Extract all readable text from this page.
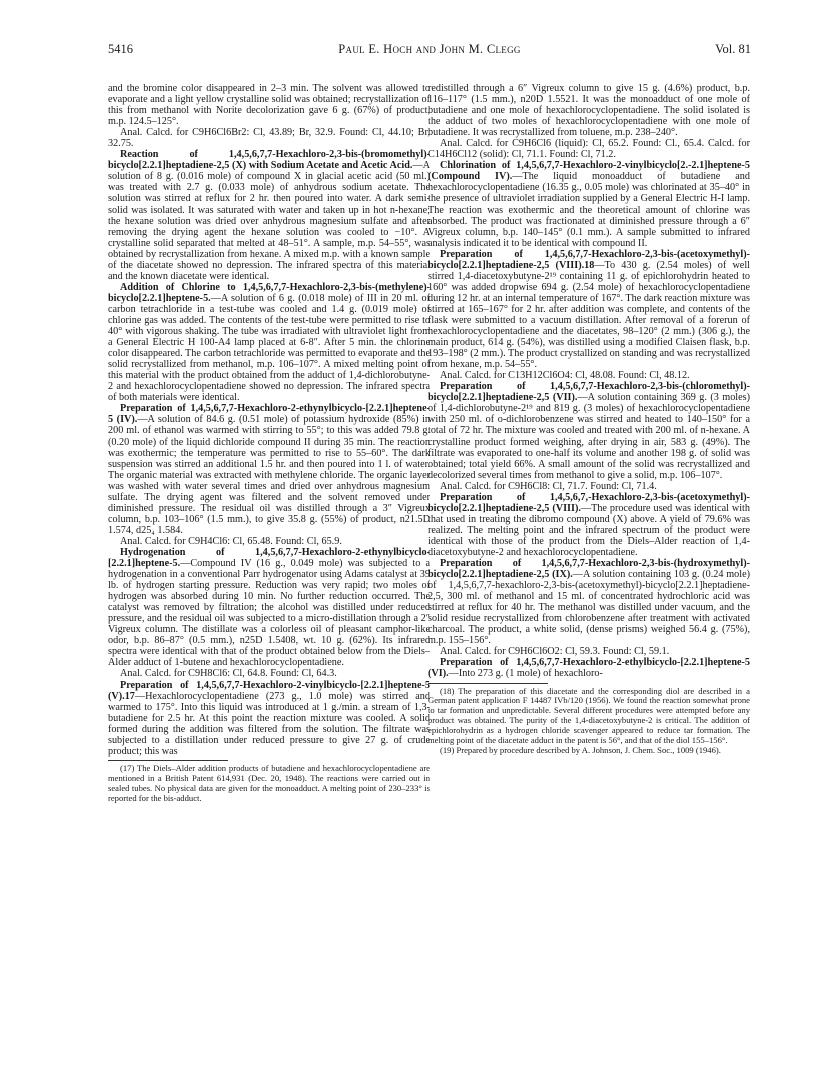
5416	Paul E. Hoch and John M. Clegg	Vol. 81

and the bromine color disappeared in 2–3 min. The solvent was allowed to evaporate and a light yellow crystalline solid was obtained; recrystallization of this from methanol with Norite decolorization gave 6 g. (67%) of product, m.p. 124.5–125°.

Anal. Calcd. for C9H6Cl6Br2: Cl, 43.89; Br, 32.9. Found: Cl, 44.10; Br, 32.75.

Reaction of 1,4,5,6,7,7-Hexachloro-2,3-bis-(bromomethyl)-bicyclo[2.2.1]heptadiene-2,5 (X) with Sodium Acetate and Acetic Acid.—A solution of 8 g. (0.016 mole) of compound X in glacial acetic acid (50 ml.) was treated with 2.7 g. (0.033 mole) of anhydrous sodium acetate. The solution was stirred at reflux for 2 hr. then poured into water. A dark semi-solid was isolated. It was saturated with water and taken up in hot n-hexane; the hexane solution was dried over anhydrous magnesium sulfate and after removing the drying agent the hexane solution was cooled to −10°. A crystalline solid separated that melted at 48–51°. A sample, m.p. 54–55°, was obtained by recrystallization from hexane. A mixed m.p. with a known sample of the diacetate showed no depression. The infrared spectra of this material and the known diacetate were identical.

Addition of Chlorine to 1,4,5,6,7,7-Hexachloro-2,3-bis-(methylene)-bicyclo[2.2.1]heptene-5.—A solution of 6 g. (0.018 mole) of III in 20 ml. of carbon tetrachloride in a test-tube was cooled and 1.4 g. (0.019 mole) of chlorine gas was added. The contents of the test-tube were permitted to rise to 40° with vigorous shaking. The tube was irradiated with ultraviolet light from a General Electric H 100-A4 lamp placed at 6-8″. After 5 min. the chlorine color disappeared. The carbon tetrachloride was permitted to evaporate and the solid recrystallized from methanol, m.p. 106–107°. A mixed melting point of this material with the product obtained from the adduct of 1,4-dichlorobutyne-2 and hexachlorocyclopentadiene showed no depression. The infrared spectra of both materials were identical.

Preparation of 1,4,5,6,7,7-Hexachloro-2-ethynylbicyclo-[2.2.1]heptene-5 (IV).—A solution of 84.6 g. (0.51 mole) of potassium hydroxide (85%) in 200 ml. of ethanol was warmed with stirring to 55°; to this was added 79.8 g. (0.20 mole) of the liquid dichloride compound II during 35 min. The reaction was exothermic; the temperature was permitted to rise to 55–60°. The dark suspension was stirred an additional 1.5 hr. and then poured into 1 l. of water. The organic material was extracted with methylene chloride. The organic layer was washed with water several times and dried over anhydrous magnesium sulfate. The drying agent was filtered and the solvent removed under diminished pressure. The residual oil was distilled through a 3″ Vigreux column, b.p. 103–106° (1.5 mm.), to give 35.8 g. (55%) of product, n21.5D 1.574, d25₄ 1.584.

Anal. Calcd. for C9H4Cl6: Cl, 65.48. Found: Cl, 65.9.

Hydrogenation of 1,4,5,6,7,7-Hexachloro-2-ethynylbicyclo-[2.2.1]heptene-5.—Compound IV (16 g., 0.049 mole) was subjected to a hydrogenation in a conventional Parr hydrogenator using Adams catalyst at 39 lb. of hydrogen starting pressure. Reduction was very rapid; two moles of hydrogen was absorbed during 10 min. No further reduction occurred. The catalyst was removed by filtration; the alcohol was distilled under reduced pressure, and the residual oil was subjected to a micro-distillation through a 2″ Vigreux column. The distillate was a colorless oil of pleasant camphor-like odor, b.p. 86–87° (0.5 mm.), n25D 1.5408, wt. 10 g. (62%). Its infrared spectra were identical with that of the product obtained below from the Diels–Alder adduct of 1-butene and hexachlorocyclopentadiene.

Anal. Calcd. for C9H8Cl6: Cl, 64.8. Found: Cl, 64.3.

Preparation of 1,4,5,6,7,7-Hexachloro-2-vinylbicyclo-[2.2.1]heptene-5 (V).17—Hexachlorocyclopentadiene (273 g., 1.0 mole) was stirred and warmed to 175°. Into this liquid was introduced at 1 g./min. a stream of 1,3-butadiene for 2.5 hr. At this point the reaction mixture was cooled. A solid formed during the addition was filtered from the solution. The filtrate was subjected to a distillation under reduced pressure to give 27 g. of crude product; this was

(17) The Diels–Alder addition products of butadiene and hexachlorocyclopentadiene are mentioned in a British Patent 614,931 (Dec. 20, 1948). The reactions were carried out in sealed tubes. No physical data are given for the monoadduct. A melting point of 230–233° is reported for the bis-adduct.

redistilled through a 6″ Vigreux column to give 15 g. (4.6%) product, b.p. 116–117° (1.5 mm.), n20D 1.5521. It was the monoadduct of one mole of butadiene and one mole of hexachlorocyclopentadiene. The solid isolated is the adduct of two moles of hexachlorocyclopentadiene with one mole of butadiene. It was recrystallized from toluene, m.p. 238–240°.

Anal. Calcd. for C9H6Cl6 (liquid): Cl, 65.2. Found: Cl., 65.4. Calcd. for C14H6Cl12 (solid): Cl, 71.1. Found: Cl, 71.2.

Chlorination of 1,4,5,6,7,7-Hexachloro-2-vinylbicyclo[2.-2.1]heptene-5 (Compound IV).—The liquid monoadduct of butadiene and hexachlorocyclopentadiene (16.35 g., 0.05 mole) was chlorinated at 35–40° in the presence of ultraviolet irradiation supplied by a General Electric H-I lamp. The reaction was exothermic and the theoretical amount of chlorine was absorbed. The product was fractionated at diminished pressure through a 6″ Vigreux column, b.p. 140–145° (0.1 mm.). A sample submitted to infrared analysis indicated it to be identical with compound II.

Preparation of 1,4,5,6,7,7-Hexachloro-2,3-bis-(acetoxymethyl)-bicyclo[2.2.1]heptadiene-2,5 (VIII).18—To 430 g. (2.54 moles) of well stirred 1,4-diacetoxybutyne-2¹⁹ containing 11 g. of epichlorohydrin heated to 160° was added dropwise 694 g. (2.54 mole) of hexachlorocyclopentadiene during 12 hr. at an internal temperature of 167°. The dark reaction mixture was stirred at 165–167° for 2 hr. after addition was complete, and contents of the flask were submitted to a vacuum distillation. After removal of a forerun of hexachlorocyclopentadiene and the diacetates, 98–120° (2 mm.) (306 g.), the main product, 614 g. (54%), was distilled using a modified Claisen flask, b.p. 193–198° (2 mm.). The product crystallized on standing and was recrystallized from hexane, m.p. 54–55°.

Anal. Calcd. for C13H12Cl6O4: Cl, 48.08. Found: Cl, 48.12.

Preparation of 1,4,5,6,7,7-Hexachloro-2,3-bis-(chloromethyl)-bicyclo[2.2.1]heptadiene-2,5 (VII).—A solution containing 369 g. (3 moles) of 1,4-dichlorobutyne-2¹⁹ and 819 g. (3 moles) of hexachlorocyclopentadiene with 250 ml. of o-dichlorobenzene was stirred and heated to 140–150° for a total of 72 hr. The mixture was cooled and treated with 200 ml. of n-hexane. A crystalline product formed weighing, after drying in air, 583 g. (49%). The filtrate was evaporated to one-half its volume and another 198 g. of solid was obtained; total yield 66%. A small amount of the solid was recrystallized and decolorized several times from methanol to give a solid, m.p. 106–107°.

Anal. Calcd. for C9H6Cl8: Cl, 71.7. Found: Cl, 71.4.

Preparation of 1,4,5,6,7,-Hexachloro-2,3-bis-(acetoxymethyl)-bicyclo[2.2.1]heptadiene-2,5 (VIII).—The procedure used was identical with that used in treating the dibromo compound (X) above. A yield of 79.6% was realized. The melting point and the infrared spectrum of the product were identical with those of the product from the Diels–Alder reaction of 1,4-diacetoxybutyne-2 and hexachlorocyclopentadiene.

Preparation of 1,4,5,6,7,7-Hexachloro-2,3-bis-(hydroxymethyl)-bicyclo[2.2.1]heptadiene-2,5 (IX).—A solution containing 103 g. (0.24 mole) of 1,4,5,6,7,7-hexachloro-2,3-bis-(acetoxymethyl)-bicyclo[2.2.1]heptadiene-2,5, 300 ml. of methanol and 15 ml. of concentrated hydrochloric acid was stirred at reflux for 40 hr. The methanol was distilled under vacuum, and the solid residue recrystallized from chlorobenzene after treatment with activated charcoal. The product, a white solid, (dense prisms) weighed 56.4 g. (75%), m.p. 155–156°.

Anal. Calcd. for C9H6Cl6O2: Cl, 59.3. Found: Cl, 59.1.

Preparation of 1,4,5,6,7,7-Hexachloro-2-ethylbicyclo-[2.2.1]heptene-5 (VI).—Into 273 g. (1 mole) of hexachloro-

(18) The preparation of this diacetate and the corresponding diol are described in a German patent application F 14487 IVb/120 (1956). We found the reaction somewhat prone to tar formation and unpredictable. Several different procedures were attempted before any product was obtained. The purity of the 1,4-diacetoxybutyne-2 is critical. The addition of epichlorohydrin as a hydrogen chloride scavenger appeared to reduce tar formation. The melting point of the diacetate adduct in the patent is 56°, and that of the diol 155–156°.

(19) Prepared by procedure described by A. Johnson, J. Chem. Soc., 1009 (1946).
